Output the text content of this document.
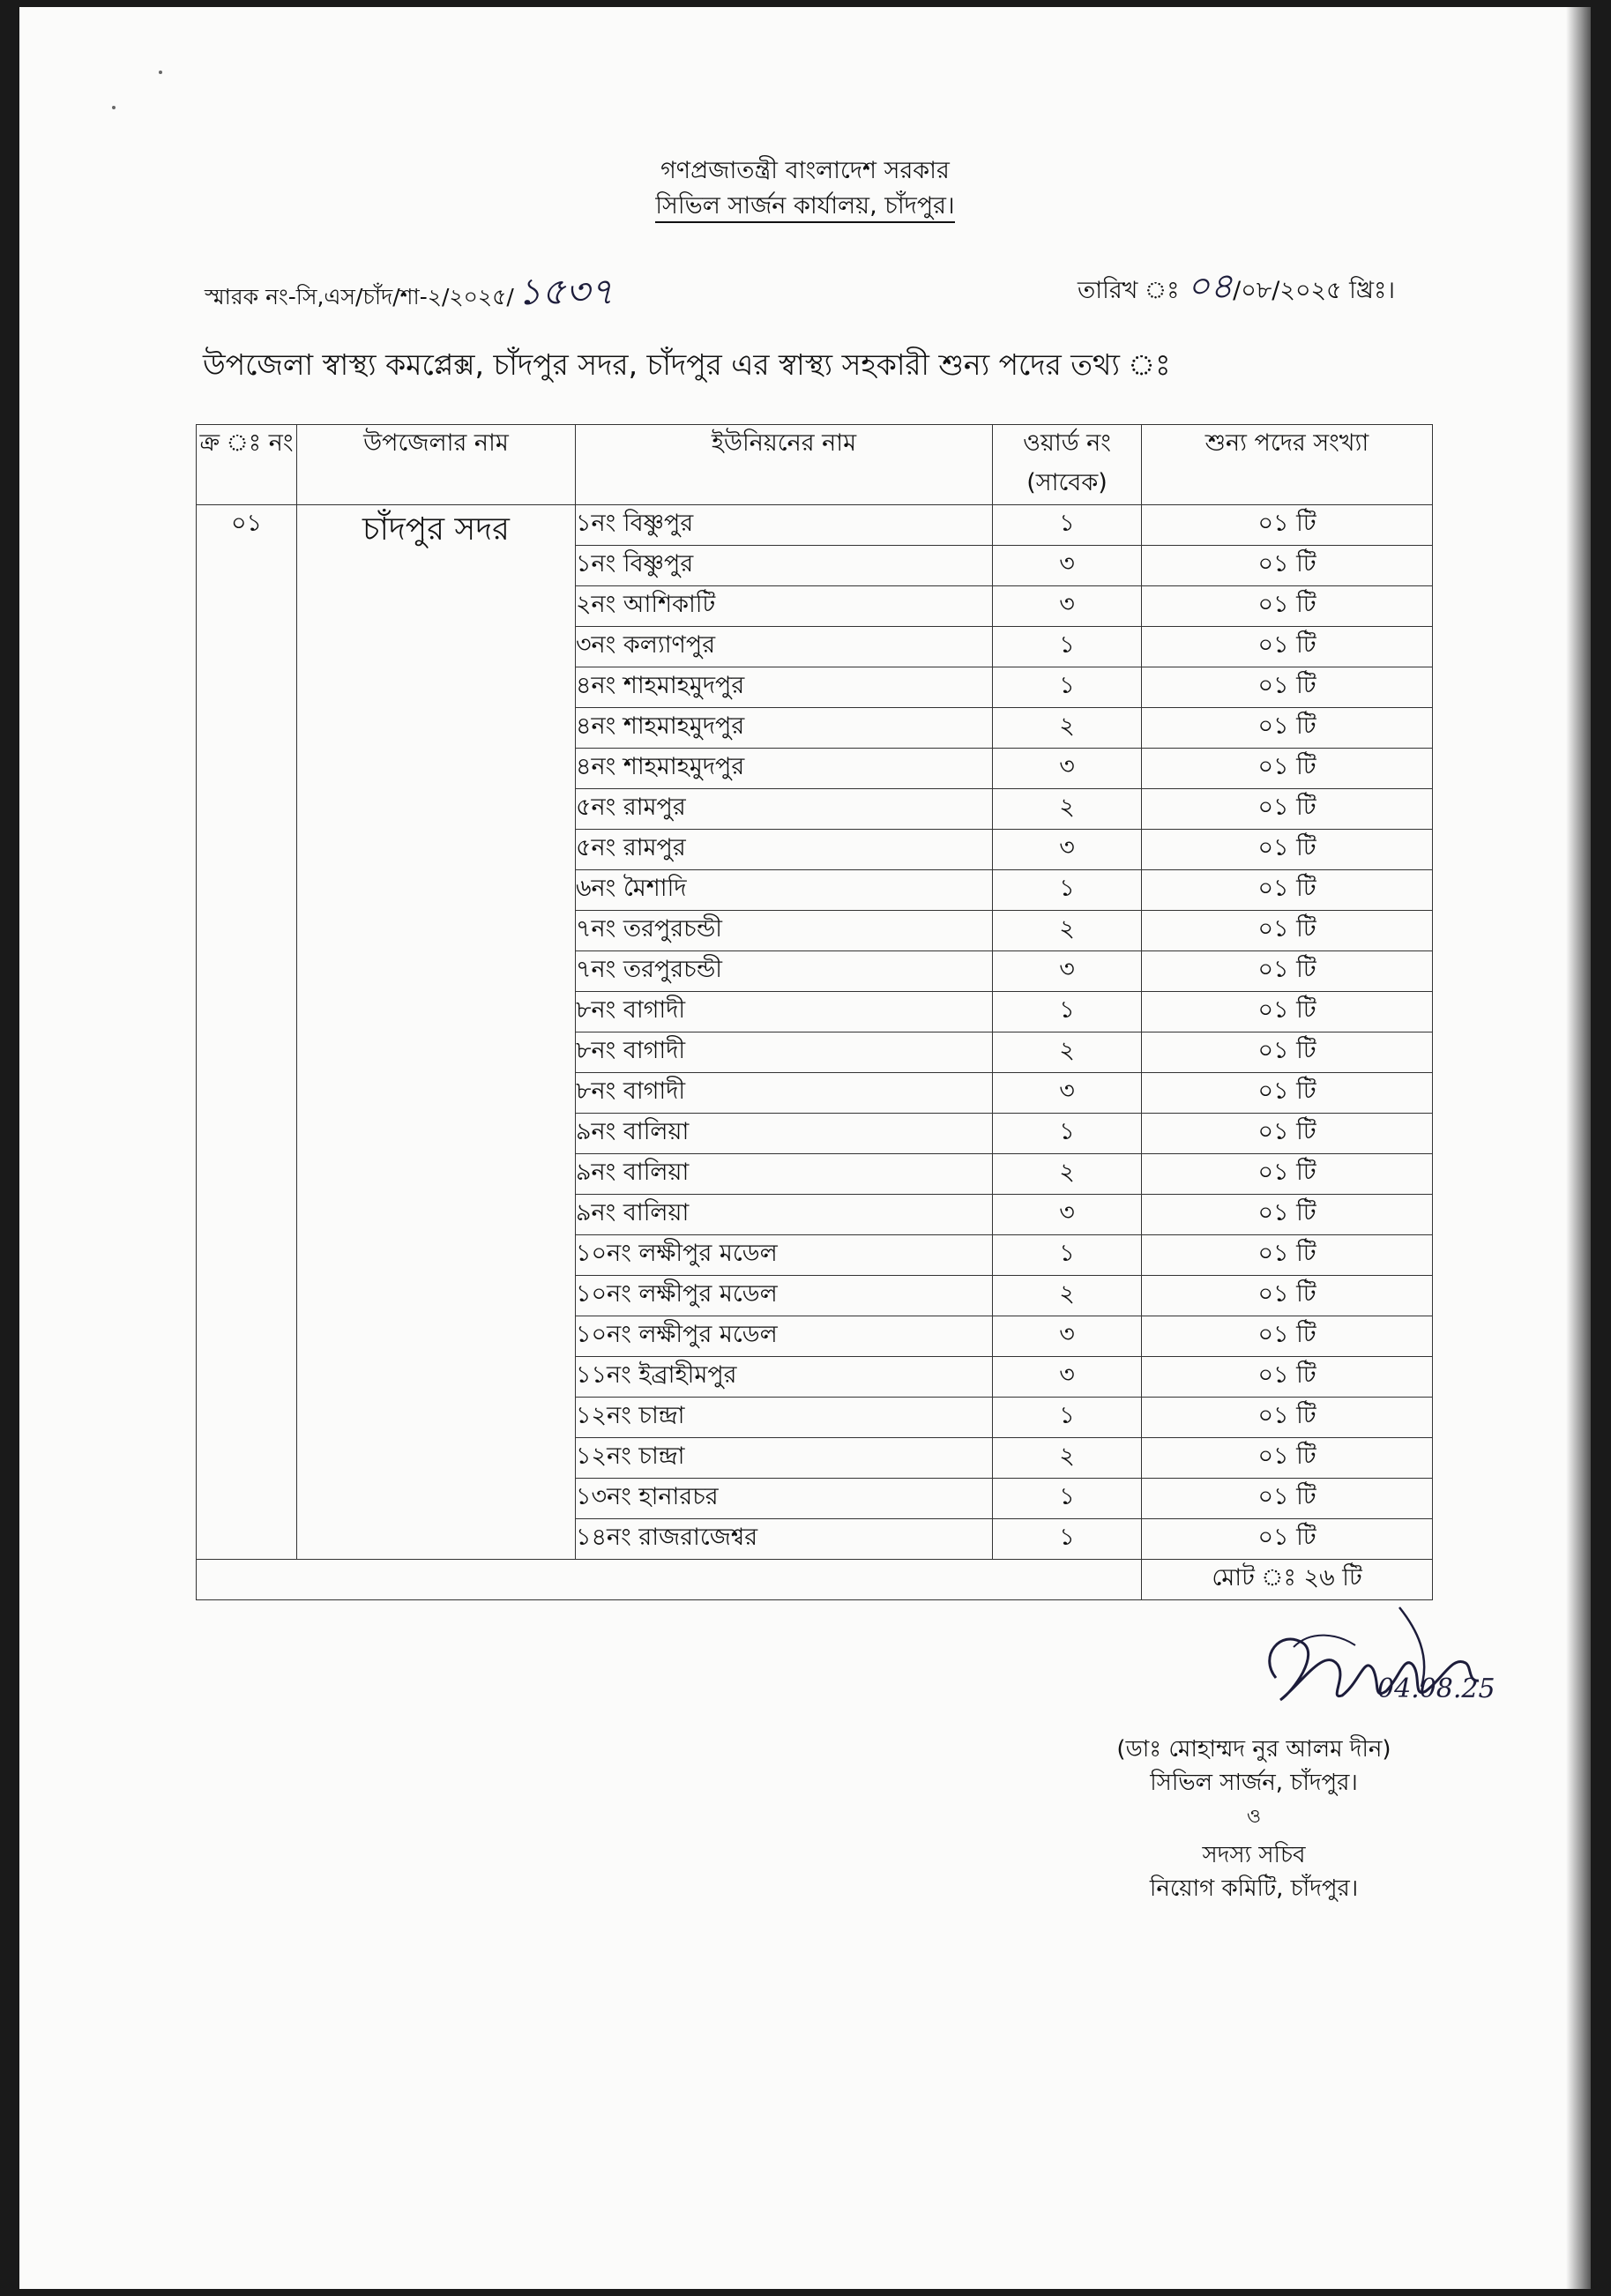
গণপ্রজাতন্ত্রী বাংলাদেশ সরকার
সিভিল সার্জন কার্যালয়, চাঁদপুর।
স্মারক নং-সি,এস/চাঁদ/শা-২/২০২৫/১৫৩৭	তারিখ ঃ ০৪/০৮/২০২৫ খ্রিঃ।
উপজেলা স্বাস্থ্য কমপ্লেক্স, চাঁদপুর সদর, চাঁদপুর এর স্বাস্থ্য সহকারী শুন্য পদের তথ্য ঃ
ক্র ঃ নং	উপজেলার নাম	ইউনিয়নের নাম	ওয়ার্ড নং (সাবেক)	শুন্য পদের সংখ্যা
০১	চাঁদপুর সদর	১নং বিষ্ণুপুর	১	০১ টি
		১নং বিষ্ণুপুর	৩	০১ টি
		২নং আশিকাটি	৩	০১ টি
		৩নং কল্যাণপুর	১	০১ টি
		৪নং শাহমাহমুদপুর	১	০১ টি
		৪নং শাহমাহমুদপুর	২	০১ টি
		৪নং শাহমাহমুদপুর	৩	০১ টি
		৫নং রামপুর	২	০১ টি
		৫নং রামপুর	৩	০১ টি
		৬নং মৈশাদি	১	০১ টি
		৭নং তরপুরচন্ডী	২	০১ টি
		৭নং তরপুরচন্ডী	৩	০১ টি
		৮নং বাগাদী	১	০১ টি
		৮নং বাগাদী	২	০১ টি
		৮নং বাগাদী	৩	০১ টি
		৯নং বালিয়া	১	০১ টি
		৯নং বালিয়া	২	০১ টি
		৯নং বালিয়া	৩	০১ টি
		১০নং লক্ষীপুর মডেল	১	০১ টি
		১০নং লক্ষীপুর মডেল	২	০১ টি
		১০নং লক্ষীপুর মডেল	৩	০১ টি
		১১নং ইব্রাহীমপুর	৩	০১ টি
		১২নং চান্দ্রা	১	০১ টি
		১২নং চান্দ্রা	২	০১ টি
		১৩নং হানারচর	১	০১ টি
		১৪নং রাজরাজেশ্বর	১	০১ টি
				মোট ঃ ২৬ টি
04.08.25
(ডাঃ মোহাম্মদ নুর আলম দীন)
সিভিল সার্জন, চাঁদপুর।
ও
সদস্য সচিব
নিয়োগ কমিটি, চাঁদপুর।
